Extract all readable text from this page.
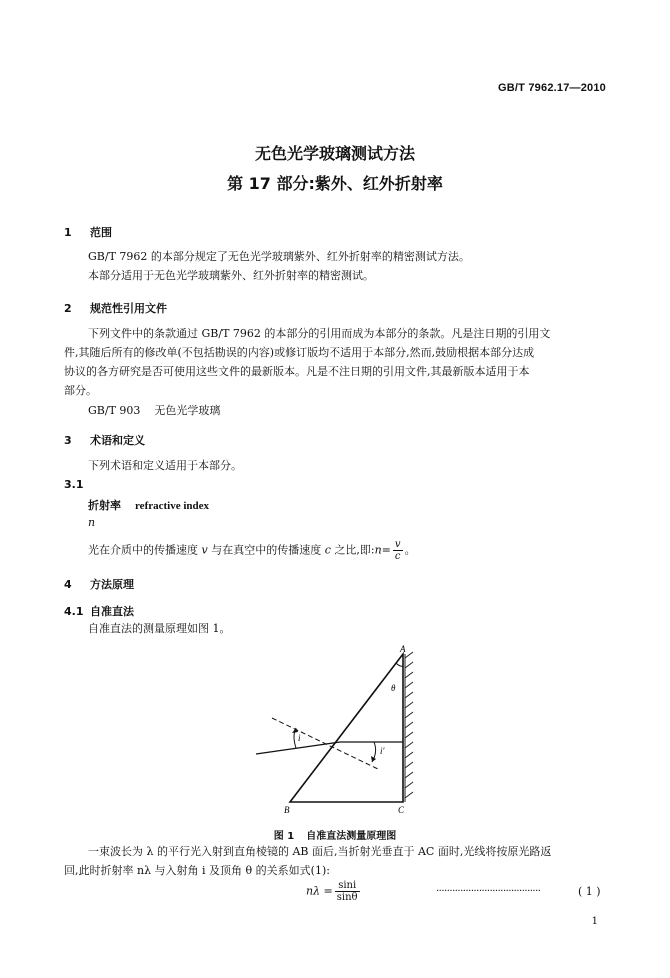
GB/T 7962.17—2010
无色光学玻璃测试方法
第 17 部分:紫外、红外折射率
1 范围
GB/T 7962 的本部分规定了无色光学玻璃紫外、红外折射率的精密测试方法。
本部分适用于无色光学玻璃紫外、红外折射率的精密测试。
2 规范性引用文件
下列文件中的条款通过 GB/T 7962 的本部分的引用而成为本部分的条款。凡是注日期的引用文
件,其随后所有的修改单(不包括勘误的内容)或修订版均不适用于本部分,然而,鼓励根据本部分达成
协议的各方研究是否可使用这些文件的最新版本。凡是不注日期的引用文件,其最新版本适用于本
部分。
GB/T 903 无色光学玻璃
3 术语和定义
下列术语和定义适用于本部分。
3.1
折射率 refractive index
n
光在介质中的传播速度 v 与在真空中的传播速度 c 之比,即:n= $\frac{v}{c}$ 。
4 方法原理
4.1 自准直法
自准直法的测量原理如图 1。
A
B	C
θ
i
i′
图 1 自准直法测量原理图
一束波长为 λ 的平行光入射到直角棱镜的 AB 面后,当折射光垂直于 AC 面时,光线将按原光路返
回,此时折射率 nλ 与入射角 i 及顶角 θ 的关系如式(1):
$n\lambda = \frac{\sin i}{\sin\theta}$	·······································	( 1 )
1
